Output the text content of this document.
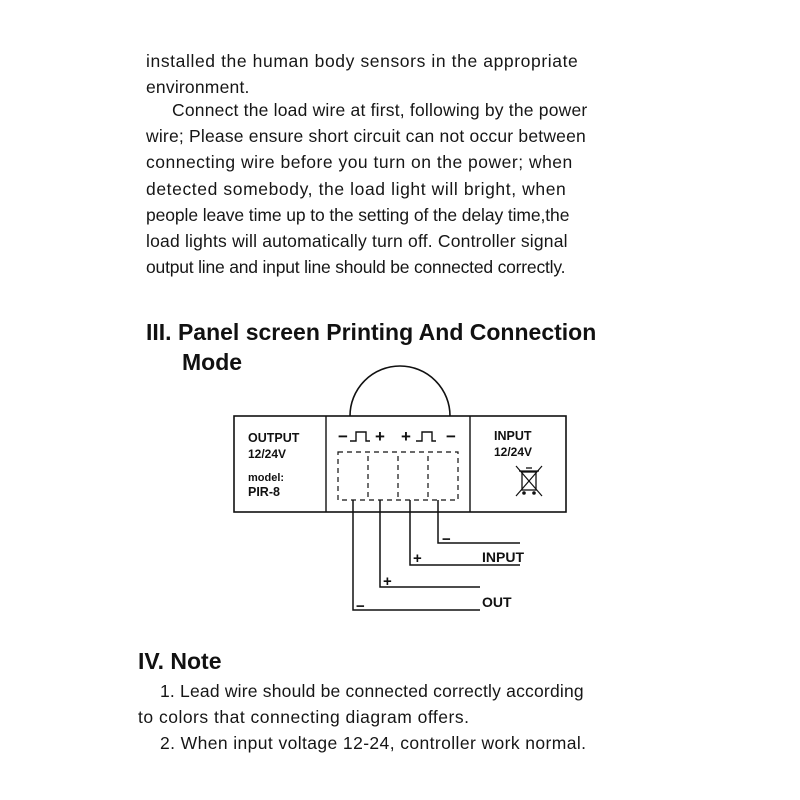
installed the human body sensors in the appropriate
environment.
Connect the load wire at first, following by the power
wire; Please ensure short circuit can not occur between
connecting wire before you turn on the power; when
detected somebody, the load light will bright, when
people leave time up to the setting of the delay time,the
load lights will automatically turn off. Controller signal
output line and input line should be connected correctly.
III. Panel screen Printing And Connection
Mode
− + + −
OUTPUT
12/24V
model:
PIR-8
INPUT
12/24V
−
+
+
−
INPUT
OUT
IV. Note
1. Lead wire should be connected correctly according
to colors that connecting diagram offers.
2. When input voltage 12-24, controller work normal.
